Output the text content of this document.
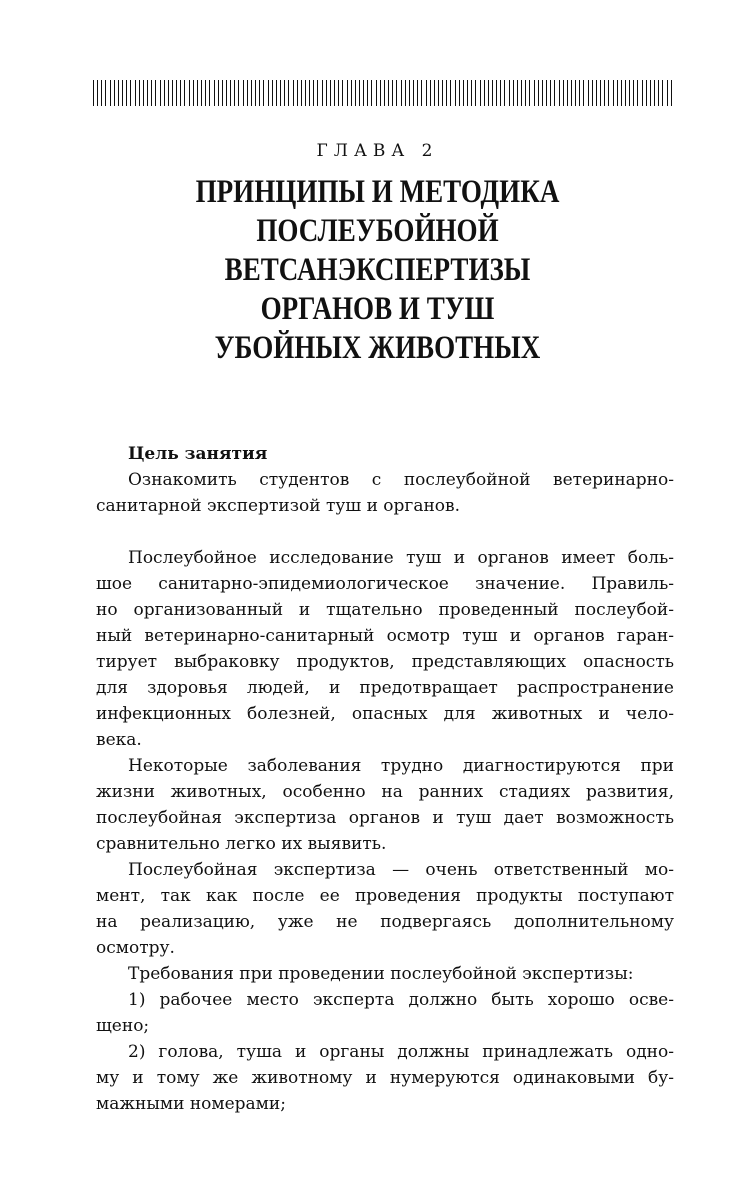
ГЛАВА 2
ПРИНЦИПЫ И МЕТОДИКА
ПОСЛЕУБОЙНОЙ
ВЕТСАНЭКСПЕРТИЗЫ
ОРГАНОВ И ТУШ
УБОЙНЫХ ЖИВОТНЫХ

Цель занятия

Ознакомить студентов с послеубойной ветеринарно-

санитарной экспертизой туш и органов.

Послеубойное исследование туш и органов имеет боль-

шое санитарно-эпидемиологическое значение. Правиль-

но организованный и тщательно проведенный послеубой-

ный ветеринарно-санитарный осмотр туш и органов гаран-

тирует выбраковку продуктов, представляющих опасность

для здоровья людей, и предотвращает распространение

инфекционных болезней, опасных для животных и чело-

века.

Некоторые заболевания трудно диагностируются при

жизни животных, особенно на ранних стадиях развития,

послеубойная экспертиза органов и туш дает возможность

сравнительно легко их выявить.

Послеубойная экспертиза — очень ответственный мо-

мент, так как после ее проведения продукты поступают

на реализацию, уже не подвергаясь дополнительному

осмотру.

Требования при проведении послеубойной экспертизы:

1) рабочее место эксперта должно быть хорошо осве-

щено;

2) голова, туша и органы должны принадлежать одно-

му и тому же животному и нумеруются одинаковыми бу-

мажными номерами;
